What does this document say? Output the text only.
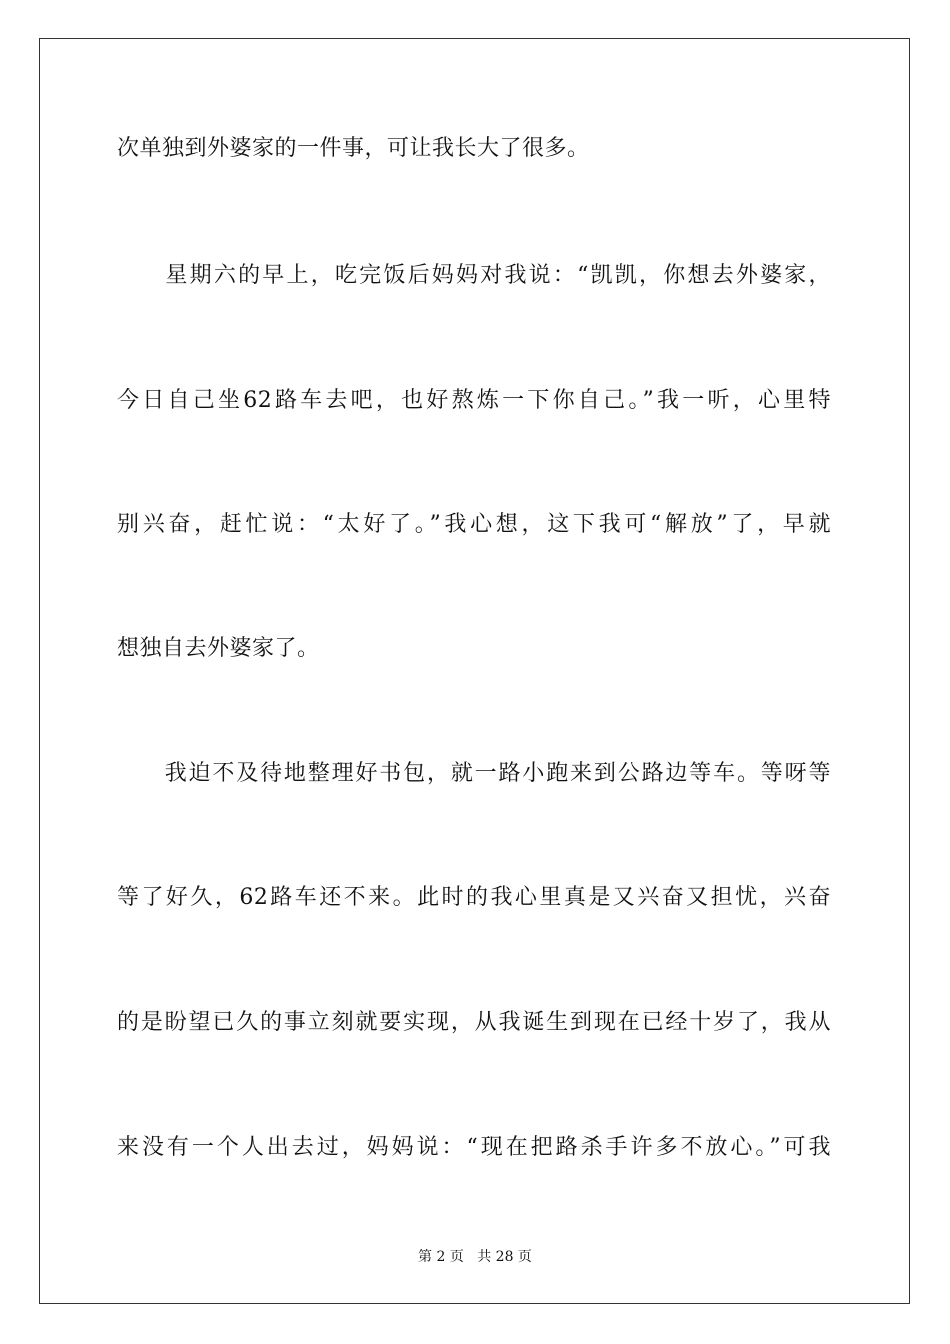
次单独到外婆家的一件事，可让我长大了很多。
　　星期六的早上，吃完饭后妈妈对我说：“凯凯，你想去外婆家，
今日自己坐62路车去吧，也好熬炼一下你自己。”我一听，心里特
别兴奋，赶忙说：“太好了。”我心想，这下我可“解放”了，早就
想独自去外婆家了。
　　我迫不及待地整理好书包，就一路小跑来到公路边等车。等呀等
等了好久，62路车还不来。此时的我心里真是又兴奋又担忧，兴奋
的是盼望已久的事立刻就要实现，从我诞生到现在已经十岁了，我从
来没有一个人出去过，妈妈说：“现在把路杀手许多不放心。”可我
第 2 页 共 28 页
